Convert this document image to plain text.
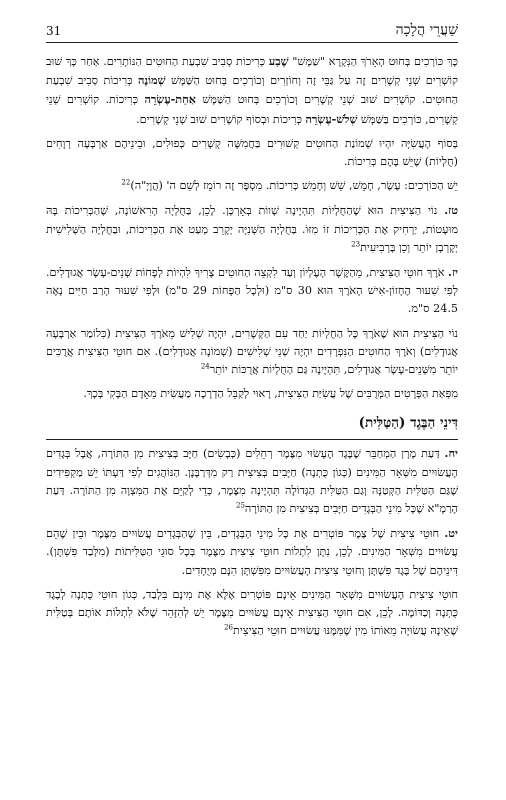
31	שַׁעֲרֵי הֲלָכָה

כָּךְ כּוֹרְכִים בְּחוּט הָאָרֹךְ הַנִּקְרָא "שַׁמָּשׁ" שֶׁבַע כְּרִיכוֹת סְבִיב שִׁבְעַת הַחוּטִים הַנּוֹתָרִים. אַחַר כָּךְ שׁוּב קוֹשְׁרִים שְׁנֵי קְשָׁרִים זֶה עַל גַּבֵּי זֶה וְחוֹזְרִים וְכוֹרְכִים בְּחוּט הַשַּׁמָּשׁ שְׁמוֹנֶה כְּרִיכוֹת סְבִיב שִׁבְעַת הַחוּטִים. קוֹשְׁרִים שׁוּב שְׁנֵי קְשָׁרִים וְכוֹרְכִים בְּחוּט הַשַּׁמָּשׁ אַחַת-עֶשְׂרֵה כְּרִיכוֹת. קוֹשְׁרִים שְׁנֵי קְשָׁרִים, כּוֹרְכִים בַּשַּׁמָּשׁ שְׁלֹשׁ-עֶשְׂרֵה כְּרִיכוֹת וּבְסוֹף קוֹשְׁרִים שׁוּב שְׁנֵי קְשָׁרִים.

בְּסוֹף הָעֲשִׂיָּה יִהְיוּ שְׁמוֹנַת הַחוּטִים קְשׁוּרִים בַּחֲמִשָּׁה קְשָׁרִים כְּפוּלִים, וּבֵינֵיהֶם אַרְבָּעָה רְוָחִים (חֻלְיוֹת) שֶׁיֵּשׁ בָּהֶם כְּרִיכוֹת.

יֵשׁ הַכּוֹרְכִים: עֶשֶׂר, חָמֵשׁ, שֵׁשׁ וְחָמֵשׁ כְּרִיכוֹת. מִסְפָּר זֶה רוֹמֵז לְשֵׁם ה' (הֲוָיָ"ה)$^{22}$

טז. נוֹי הַצִּיצִית הוּא שֶׁהַחֻלְיוֹת תִּהְיֶינָה שָׁווֹת בְּאָרְכָּן. לָכֵן, בַּחֻלְיָה הָרִאשׁוֹנָה, שֶׁהַכְּרִיכוֹת בָּהּ מוּעָטוֹת, יַרְחִיק אֶת הַכְּרִיכוֹת זוֹ מִזּוֹ. בַּחֻלְיָה הַשְּׁנִיָּה יְקָרֵב מְעַט אֶת הַכְּרִיכוֹת, וּבַחֻלְיָה הַשְּׁלִישִׁית יְקָרְבָן יוֹתֵר וְכֵן בָּרְבִיעִית$^{23}$

יז. אֹרֶךְ חוּטֵי הַצִּיצִית, מֵהַקֶּשֶׁר הָעֶלְיוֹן וְעַד לִקְצֵה הַחוּטִים צָרִיךְ לִהְיוֹת לְפָחוֹת שְׁנֵים-עָשָׂר אֲגוּדָלִים. לְפִי שִׁעוּר הֶחָזוֹן-אִישׁ הָאֹרֶךְ הוּא 30 ס"מ (וּלְכָל הַפָּחוֹת 29 ס"מ) וּלְפִי שִׁעוּר הָרַב חַיִּים נָאֶה 24.5 ס"מ.

נוֹי הַצִּיצִית הוּא שֶׁאֹרֶךְ כָּל הַחֻלְיוֹת יַחַד עִם הַקְּשָׁרִים, יִהְיֶה שְׁלִישׁ מֵאֹרֶךְ הַצִּיצִית (כִּלוֹמַר אַרְבָּעָה אֲגוּדָלִים) וְאֹרֶךְ הַחוּטִים הַנִּפְרָדִים יִהְיֶה שְׁנֵי שְׁלִישִׁים (שְׁמוֹנָה אֲגוּדָלִים). אִם חוּטֵי הַצִּיצִית אֲרֻכִּים יוֹתֵר מִשְּׁנֵים-עָשָׂר אֲגוּדָלִים, תִּהְיֶינָה גַּם הַחֻלְיוֹת אֲרֻכּוֹת יוֹתֵר$^{24}$

מִפְּאַת הַפְּרָטִים הַמְּרֻבִּים שֶׁל עֲשִׂיַּת הַצִּיצִית, רָאוּי לְקַבֵּל הַדְרָכָה מַעֲשִׂית מֵאָדָם הַבָּקִי בְּכָךְ.

דִּינֵי הַבֶּגֶד (הַטַּלִּית)

יח. דַּעַת מָרָן הַמְחַבֵּר שֶׁבֶּגֶד הֶעָשׂוּי מִצֶּמֶר רְחֵלִים (כְּבָשִׂים) חַיָּב בְּצִיצִית מִן הַתּוֹרָה, אֲבָל בְּגָדִים הָעֲשׂוּיִים מִשְּׁאָר הַמִּינִים (כְּגוֹן כֻּתְנָה) חַיָּבִים בְּצִיצִית רַק מִדְּרַבָּנָן. הַנּוֹהֲגִים לְפִי דַּעְתּוֹ יֵשׁ מַקְפִּידִים שֶׁגַּם הַטַּלִּית הַקְּטַנָּה וְגַם הַטַּלִּית הַגְּדוֹלָה תִּהְיֶינָה מִצֶּמֶר, כְּדֵי לְקַיֵּם אֶת הַמִּצְוָה מִן הַתּוֹרָה. דַּעַת הָרַמָ"א שֶׁכָּל מִינֵי הַבְּגָדִים חַיָּבִים בְּצִיצִית מִן הַתּוֹרָה$^{25}$

יט. חוּטֵי צִיצִית שֶׁל צֶמֶר פּוֹטְרִים אֶת כָּל מִינֵי הַבְּגָדִים, בֵּין שֶׁהַבְּגָדִים עֲשׂוּיִים מִצֶּמֶר וּבֵין שֶׁהֵם עֲשׂוּיִים מִשְּׁאָר הַמִּינִים. לָכֵן, נִתָּן לִתְלוֹת חוּטֵי צִיצִית מִצֶּמֶר בְּכָל סוּגֵי הַטַּלִּיתוֹת (מִלְּבַד פִּשְׁתָּן). דִּינֵיהֶם שֶׁל בֶּגֶד פִּשְׁתָּן וְחוּטֵי צִיצִית הָעֲשׂוּיִים מִפִּשְׁתָּן הִנָּם מְיֻחָדִים.

חוּטֵי צִיצִית הָעֲשׂוּיִים מִשְּׁאָר הַמִּינִים אֵינָם פּוֹטְרִים אֶלָּא אֶת מִינָם בִּלְבַד, כְּגוֹן חוּטֵי כֻּתְנָה לְבֶגֶד כֻּתְנָה וְכַדּוֹמֶה. לָכֵן, אִם חוּטֵי הַצִּיצִית אֵינָם עֲשׂוּיִים מִצֶּמֶר יֵשׁ לְהִזָּהֵר שֶׁלֹּא לִתְלוֹת אוֹתָם בְּטַלִּית שֶׁאֵינָהּ עֲשׂוּיָה מֵאוֹתוֹ מִין שֶׁמִּמֶּנּוּ עֲשׂוּיִים חוּטֵי הַצִּיצִית$^{26}$
